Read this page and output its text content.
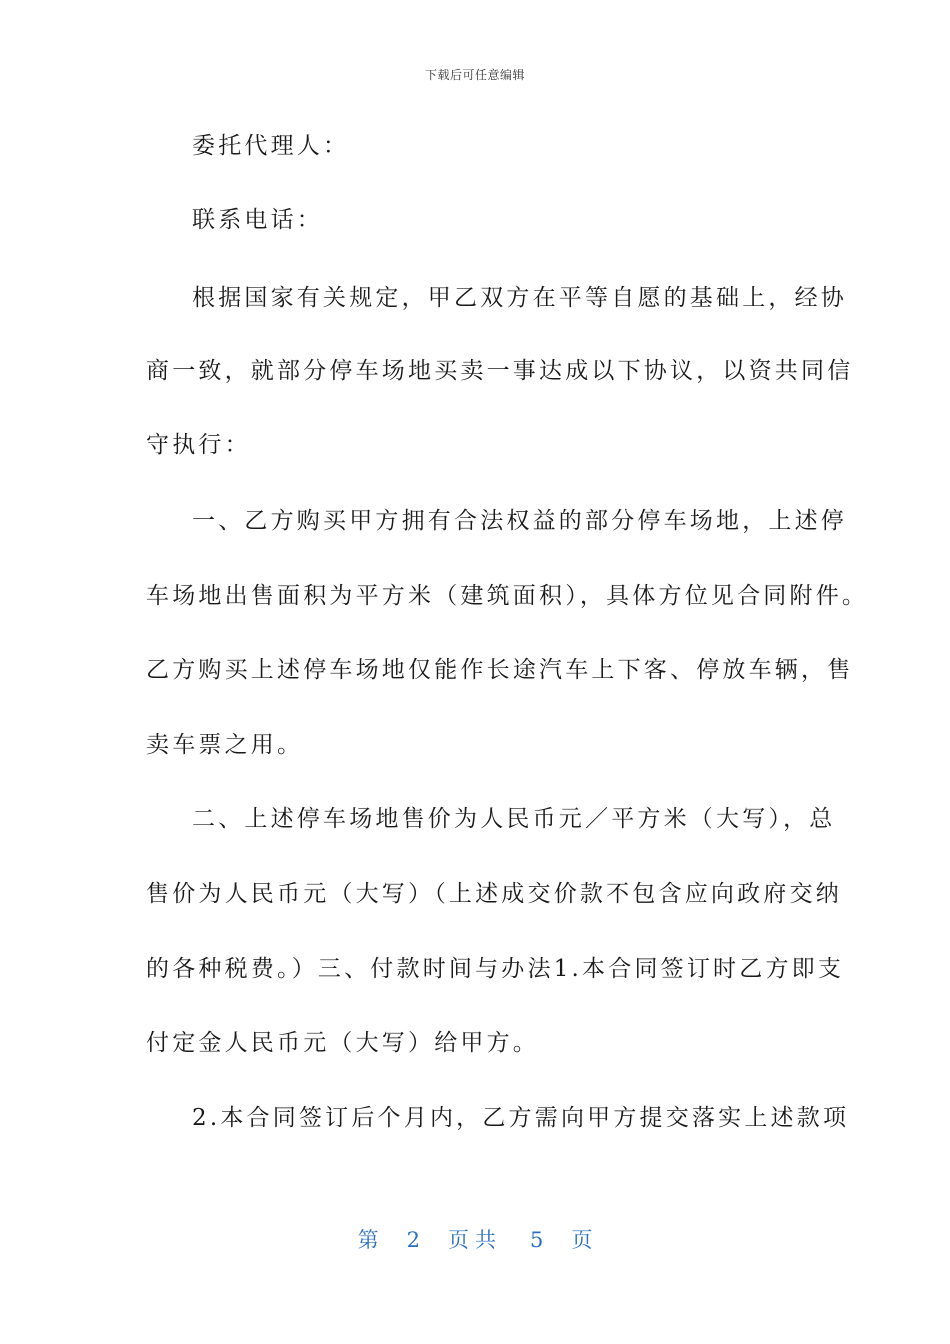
下载后可任意编辑
委托代理人：
联系电话：
根据国家有关规定，甲乙双方在平等自愿的基础上，经协
商一致，就部分停车场地买卖一事达成以下协议，以资共同信
守执行：
一、乙方购买甲方拥有合法权益的部分停车场地，上述停
车场地出售面积为平方米（建筑面积），具体方位见合同附件。
乙方购买上述停车场地仅能作长途汽车上下客、停放车辆，售
卖车票之用。
二、上述停车场地售价为人民币元／平方米（大写），总
售价为人民币元（大写）（上述成交价款不包含应向政府交纳
的各种税费。）三、付款时间与办法1.本合同签订时乙方即支
付定金人民币元（大写）给甲方。
2.本合同签订后个月内，乙方需向甲方提交落实上述款项
第 2 页共 5 页
